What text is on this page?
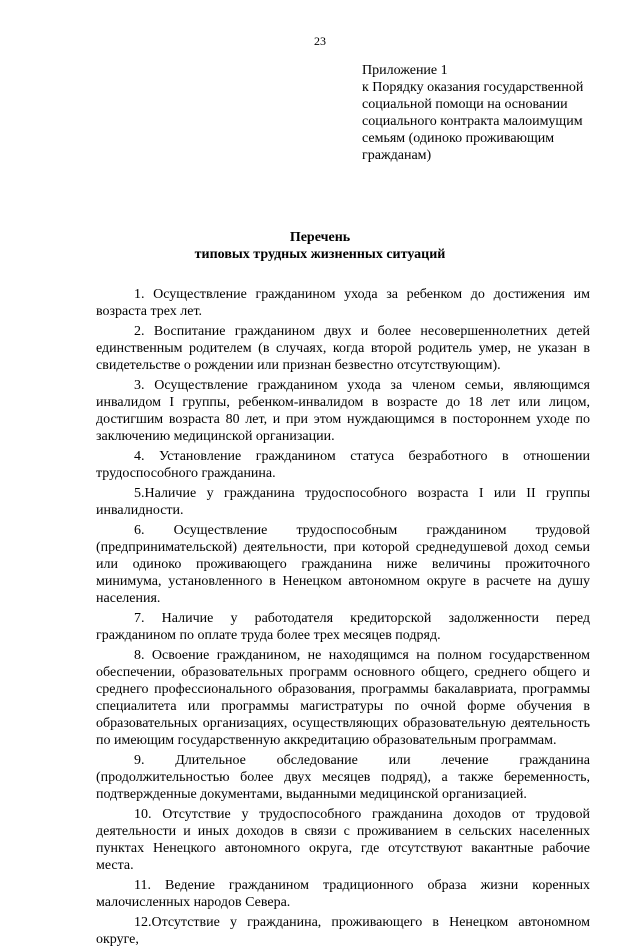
23
Приложение 1
к Порядку оказания государственной
социальной помощи на основании
социального контракта малоимущим
семьям (одиноко проживающим
гражданам)
Перечень
типовых трудных жизненных ситуаций

1. Осуществление гражданином ухода за ребенком до достижения им возраста трех лет.

2. Воспитание гражданином двух и более несовершеннолетних детей единственным родителем (в случаях, когда второй родитель умер, не указан в свидетельстве о рождении или признан безвестно отсутствующим).

3. Осуществление гражданином ухода за членом семьи, являющимся инвалидом I группы, ребенком-инвалидом в возрасте до 18 лет или лицом, достигшим возраста 80 лет, и при этом нуждающимся в постороннем уходе по заключению медицинской организации.

4. Установление гражданином статуса безработного в отношении трудоспособного гражданина.

5.Наличие у гражданина трудоспособного возраста I или II группы инвалидности.

6. Осуществление трудоспособным гражданином трудовой (предпринимательской) деятельности, при которой среднедушевой доход семьи или одиноко проживающего гражданина ниже величины прожиточного минимума, установленного в Ненецком автономном округе в расчете на душу населения.

7. Наличие у работодателя кредиторской задолженности перед гражданином по оплате труда более трех месяцев подряд.

8. Освоение гражданином, не находящимся на полном государственном обеспечении, образовательных программ основного общего, среднего общего и среднего профессионального образования, программы бакалавриата, программы специалитета или программы магистратуры по очной форме обучения в образовательных организациях, осуществляющих образовательную деятельность по имеющим государственную аккредитацию образовательным программам.

9. Длительное обследование или лечение гражданина (продолжительностью более двух месяцев подряд), а также беременность, подтвержденные документами, выданными медицинской организацией.

10. Отсутствие у трудоспособного гражданина доходов от трудовой деятельности и иных доходов в связи с проживанием в сельских населенных пунктах Ненецкого автономного округа, где отсутствуют вакантные рабочие места.

11. Ведение гражданином традиционного образа жизни коренных малочисленных народов Севера.

12.Отсутствие у гражданина, проживающего в Ненецком автономном округе,
